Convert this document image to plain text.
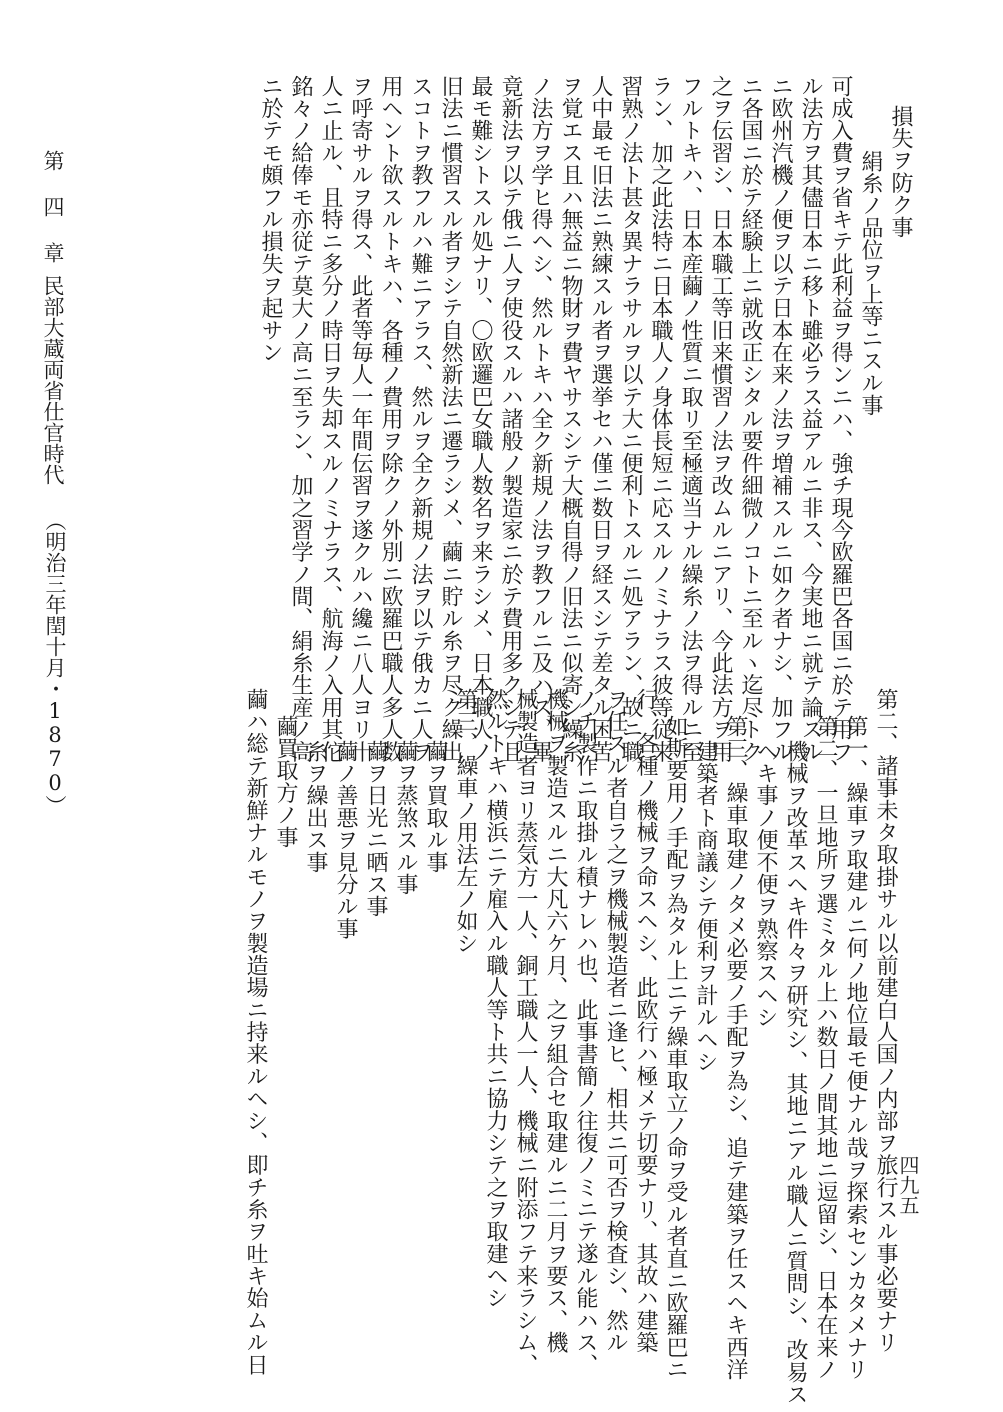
損失ヲ防ク事
絹糸ノ品位ヲ上等ニスル事
可成入費ヲ省キテ此利益ヲ得ンニハ、強チ現今欧羅巴各国ニ於テ用フ
ル法方ヲ其儘日本ニ移ト雖必ラス益アルニ非ス、今実地ニ就テ論スル
ニ欧州汽機ノ便ヲ以テ日本在来ノ法ヲ増補スルニ如ク者ナシ、加フル
ニ各国ニ於テ経験上ニ就改正シタル要件細微ノコトニ至ルヽ迄尽トク
之ヲ伝習シ、日本職工等旧来慣習ノ法ヲ改ムルニアリ、今此法方ヲ用
フルトキハ、日本産繭ノ性質ニ取リ至極適当ナル繰糸ノ法ヲ得ルニ至
ラン、加之此法特ニ日本職人ノ身体長短ニ応スルノミナラス彼等従来
習熟ノ法ト甚タ異ナラサルヲ以テ大ニ便利トスルニ処アラン、故ニ職
人中最モ旧法ニ熟練スル者ヲ選挙セハ僅ニ数日ヲ経スシテ差タル困苦
ヲ覚エス且ハ無益ニ物財ヲ費ヤサスシテ大概自得ノ旧法ニ似寄シ繰糸
ノ法方ヲ学ヒ得ヘシ、然ルトキハ全ク新規ノ法ヲ教フルニ及ハス、畢
竟新法ヲ以テ俄ニ人ヲ使役スルハ諸般ノ製造家ニ於テ費用多クシテ且
最モ難シトスル処ナリ、〇欧邏巴女職人数名ヲ来ラシメ、日本職人ノ
旧法ニ慣習スル者ヲシテ自然新法ニ遷ラシメ、繭ニ貯ル糸ヲ尽ク繰出
スコトヲ教フルハ難ニアラス、然ルヲ全ク新規ノ法ヲ以テ俄カニ人ヲ
用ヘント欲スルトキハ、各種ノ費用ヲ除クノ外別ニ欧羅巴職人多人数
ヲ呼寄サルヲ得ス、此者等毎人一年間伝習ヲ遂クルハ纔ニ八人ヨリ十
人ニ止ル、且特ニ多分ノ時日ヲ失却スルノミナラス、航海ノ入用其佗
銘々ノ給俸モ亦従テ莫大ノ高ニ至ラン、加之習学ノ間、絹糸生産ノ高
ニ於テモ頗フル損失ヲ起サン
第　四　章
民部大蔵両省仕官時代
（明治三年閏十月・1870）
第二、諸事未タ取掛サル以前建白人国ノ内部ヲ旅行スル事必要ナリ
第一、繰車ヲ取建ルニ何ノ地位最モ便ナル哉ヲ探索センカタメナリ
第二、一旦地所ヲ選ミタル上ハ数日ノ間其地ニ逗留シ、日本在来ノ
機械ヲ改革スヘキ件々ヲ研究シ、其地ニアル職人ニ質問シ、改易ス
ヘキ事ノ便不便ヲ熟察スヘシ
第三、繰車取建ノタメ必要ノ手配ヲ為シ、追テ建築ヲ任スヘキ西洋
建築者ト商議シテ便利ヲ計ルヘシ
如斯要用ノ手配ヲ為タル上ニテ繰車取立ノ命ヲ受ル者直ニ欧羅巴ニ
行、各種ノ機械ヲ命スヘシ、此欧行ハ極メテ切要ナリ、其故ハ建築
ヲ任スル者自ラ之ヲ機械製造者ニ逢ヒ、相共ニ可否ヲ検査シ、然ル
ノチ製作ニ取掛ル積ナレハ也、此事書簡ノ往復ノミニテ遂ル能ハス、
機械ヲ製造スルニ大凡六ケ月、之ヲ組合セ取建ルニ二月ヲ要ス、機
械製造者ヨリ蒸気方一人、銅工職人一人、機械ニ附添フテ来ラシム、
然ルトキハ横浜ニテ雇入ル職人等ト共ニ協力シテ之ヲ取建ヘシ
第三、繰車ノ用法左ノ如シ
繭ヲ買取ル事
繭ヲ蒸煞スル事
繭ヲ日光ニ晒ス事
繭ノ善悪ヲ見分ル事
糸ヲ繰出ス事
繭買取方ノ事
繭ハ総テ新鮮ナルモノヲ製造場ニ持来ルヘシ、即チ糸ヲ吐キ始ムル日	四九五
